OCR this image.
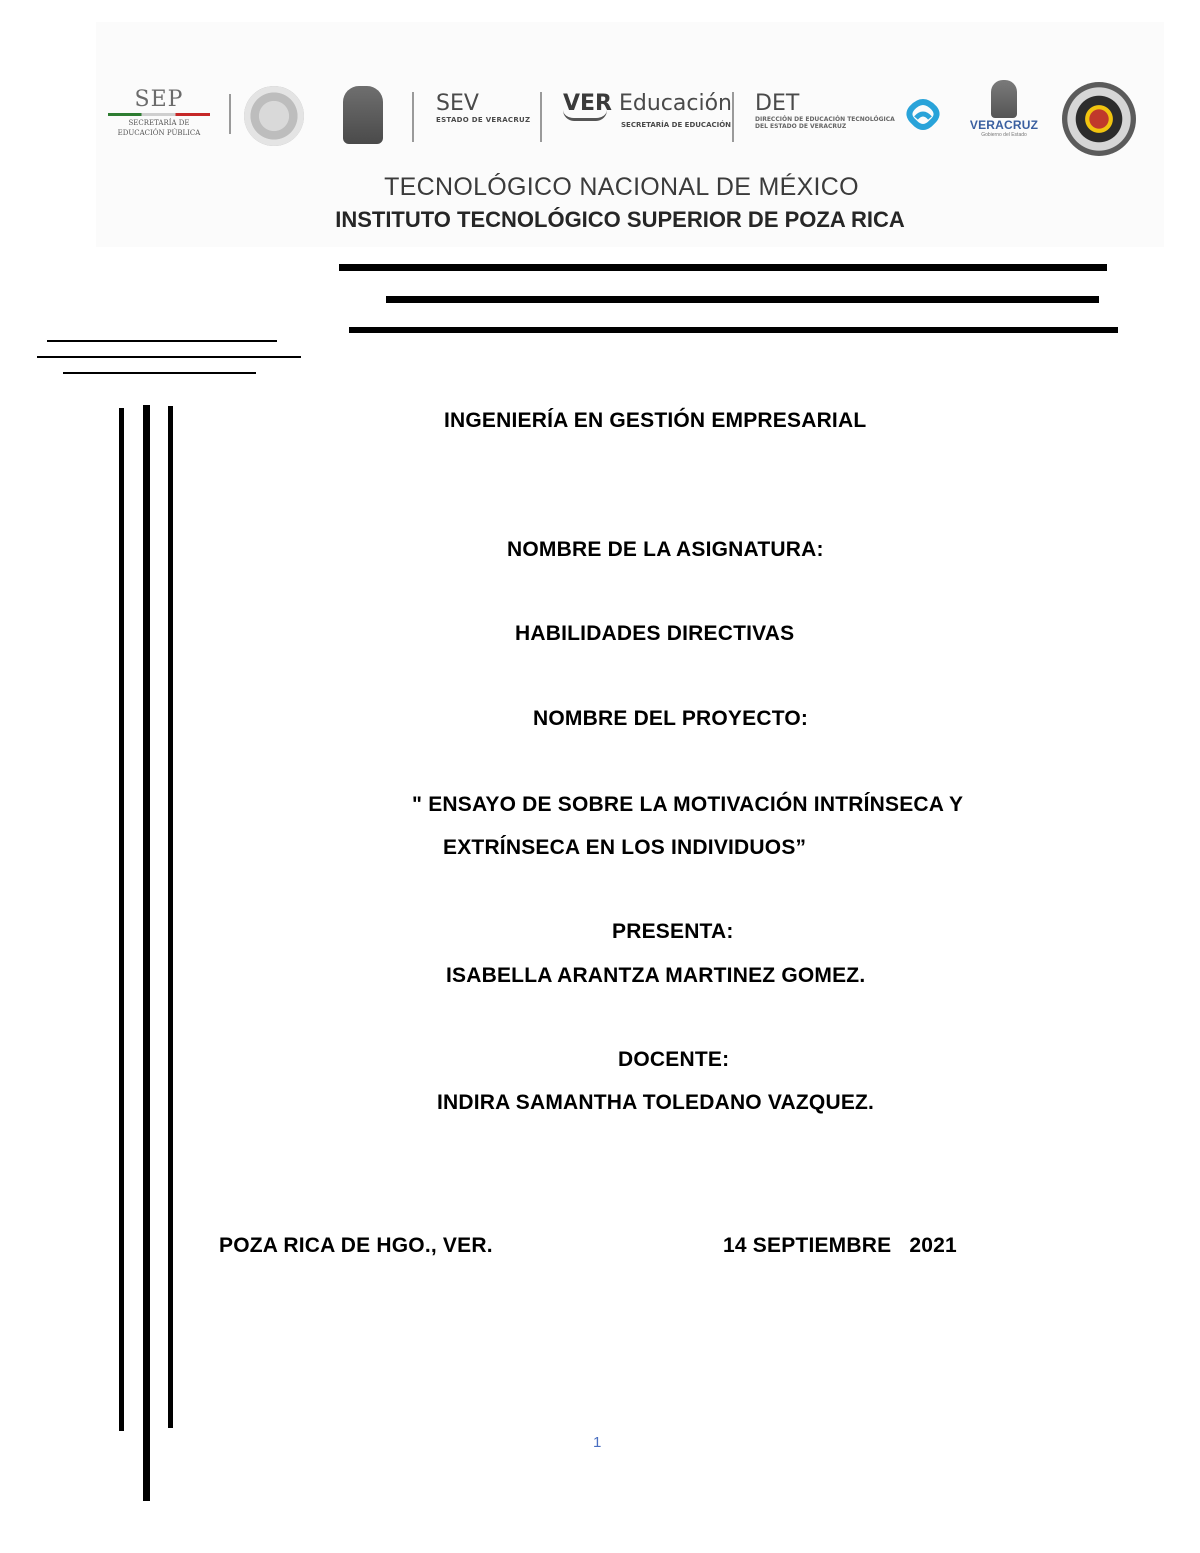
SEP
SECRETARÍA DE
EDUCACIÓN PÚBLICA
SEV
ESTADO DE VERACRUZ
VER Educación
SECRETARÍA DE EDUCACIÓN
DET
DIRECCIÓN DE EDUCACIÓN TECNOLÓGICA
DEL ESTADO DE VERACRUZ	VERACRUZ
Gobierno del Estado
TECNOLÓGICO NACIONAL DE MÉXICO
INSTITUTO TECNOLÓGICO SUPERIOR DE POZA RICA
INGENIERÍA EN GESTIÓN EMPRESARIAL
NOMBRE DE LA ASIGNATURA:
HABILIDADES DIRECTIVAS
NOMBRE DEL PROYECTO:
" ENSAYO DE SOBRE LA MOTIVACIÓN INTRÍNSECA Y
EXTRÍNSECA EN LOS INDIVIDUOS”
PRESENTA:
ISABELLA ARANTZA MARTINEZ GOMEZ.
DOCENTE:
INDIRA SAMANTHA TOLEDANO VAZQUEZ.
POZA RICA DE HGO., VER.	14 SEPTIEMBRE   2021
1
